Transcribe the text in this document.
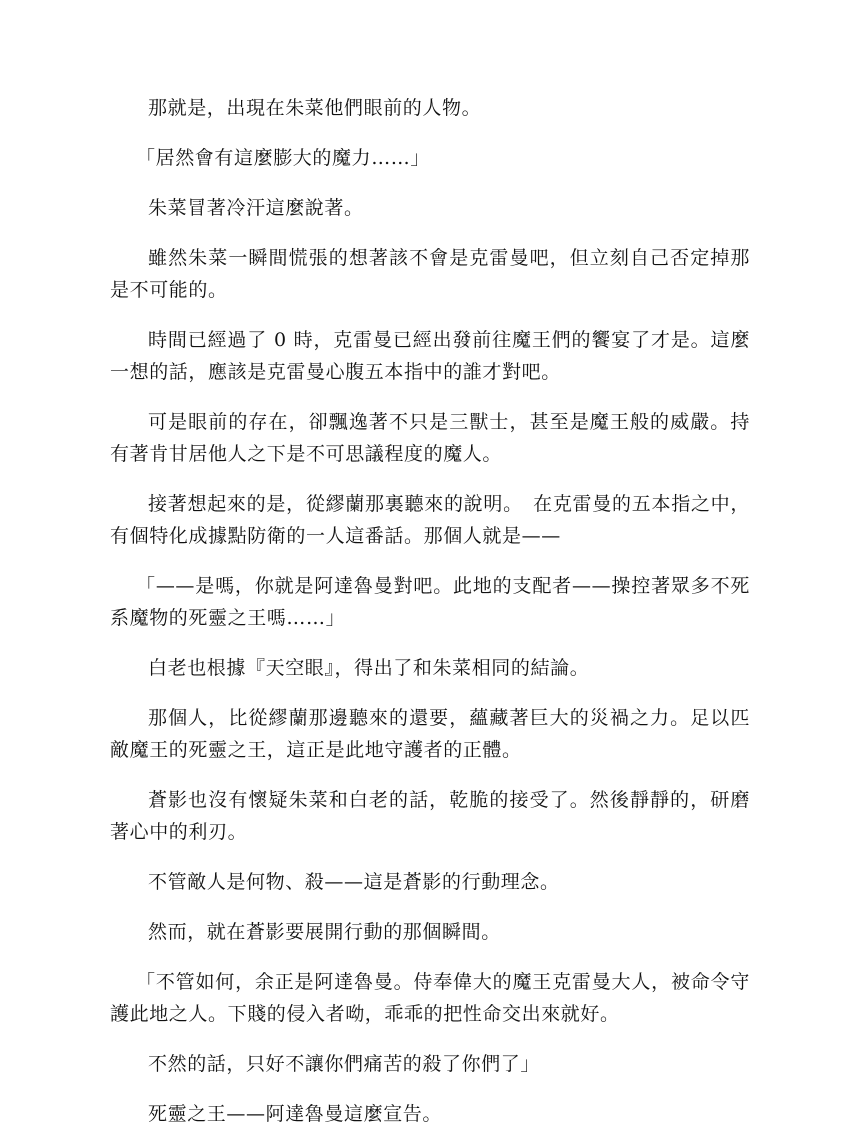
那就是，出現在朱菜他們眼前的人物。

「居然會有這麼膨大的魔力……」

朱菜冒著冷汗這麼說著。

雖然朱菜一瞬間慌張的想著該不會是克雷曼吧，但立刻自己否定掉那是不可能的。

時間已經過了 0 時，克雷曼已經出發前往魔王們的饗宴了才是。這麼一想的話，應該是克雷曼心腹五本指中的誰才對吧。

可是眼前的存在，卻飄逸著不只是三獸士，甚至是魔王般的威嚴。持有著肯甘居他人之下是不可思議程度的魔人。

接著想起來的是，從繆蘭那裏聽來的說明。　在克雷曼的五本指之中，有個特化成據點防衛的一人這番話。那個人就是——

「——是嗎，你就是阿達魯曼對吧。此地的支配者——操控著眾多不死系魔物的死靈之王嗎……」

白老也根據『天空眼』，得出了和朱菜相同的結論。

那個人，比從繆蘭那邊聽來的還要，蘊藏著巨大的災禍之力。足以匹敵魔王的死靈之王，這正是此地守護者的正體。

蒼影也沒有懷疑朱菜和白老的話，乾脆的接受了。然後靜靜的，研磨著心中的利刃。

不管敵人是何物、殺——這是蒼影的行動理念。

然而，就在蒼影要展開行動的那個瞬間。

「不管如何，余正是阿達魯曼。侍奉偉大的魔王克雷曼大人，被命令守護此地之人。下賤的侵入者呦，乖乖的把性命交出來就好。

不然的話，只好不讓你們痛苦的殺了你們了」

死靈之王——阿達魯曼這麼宣告。
